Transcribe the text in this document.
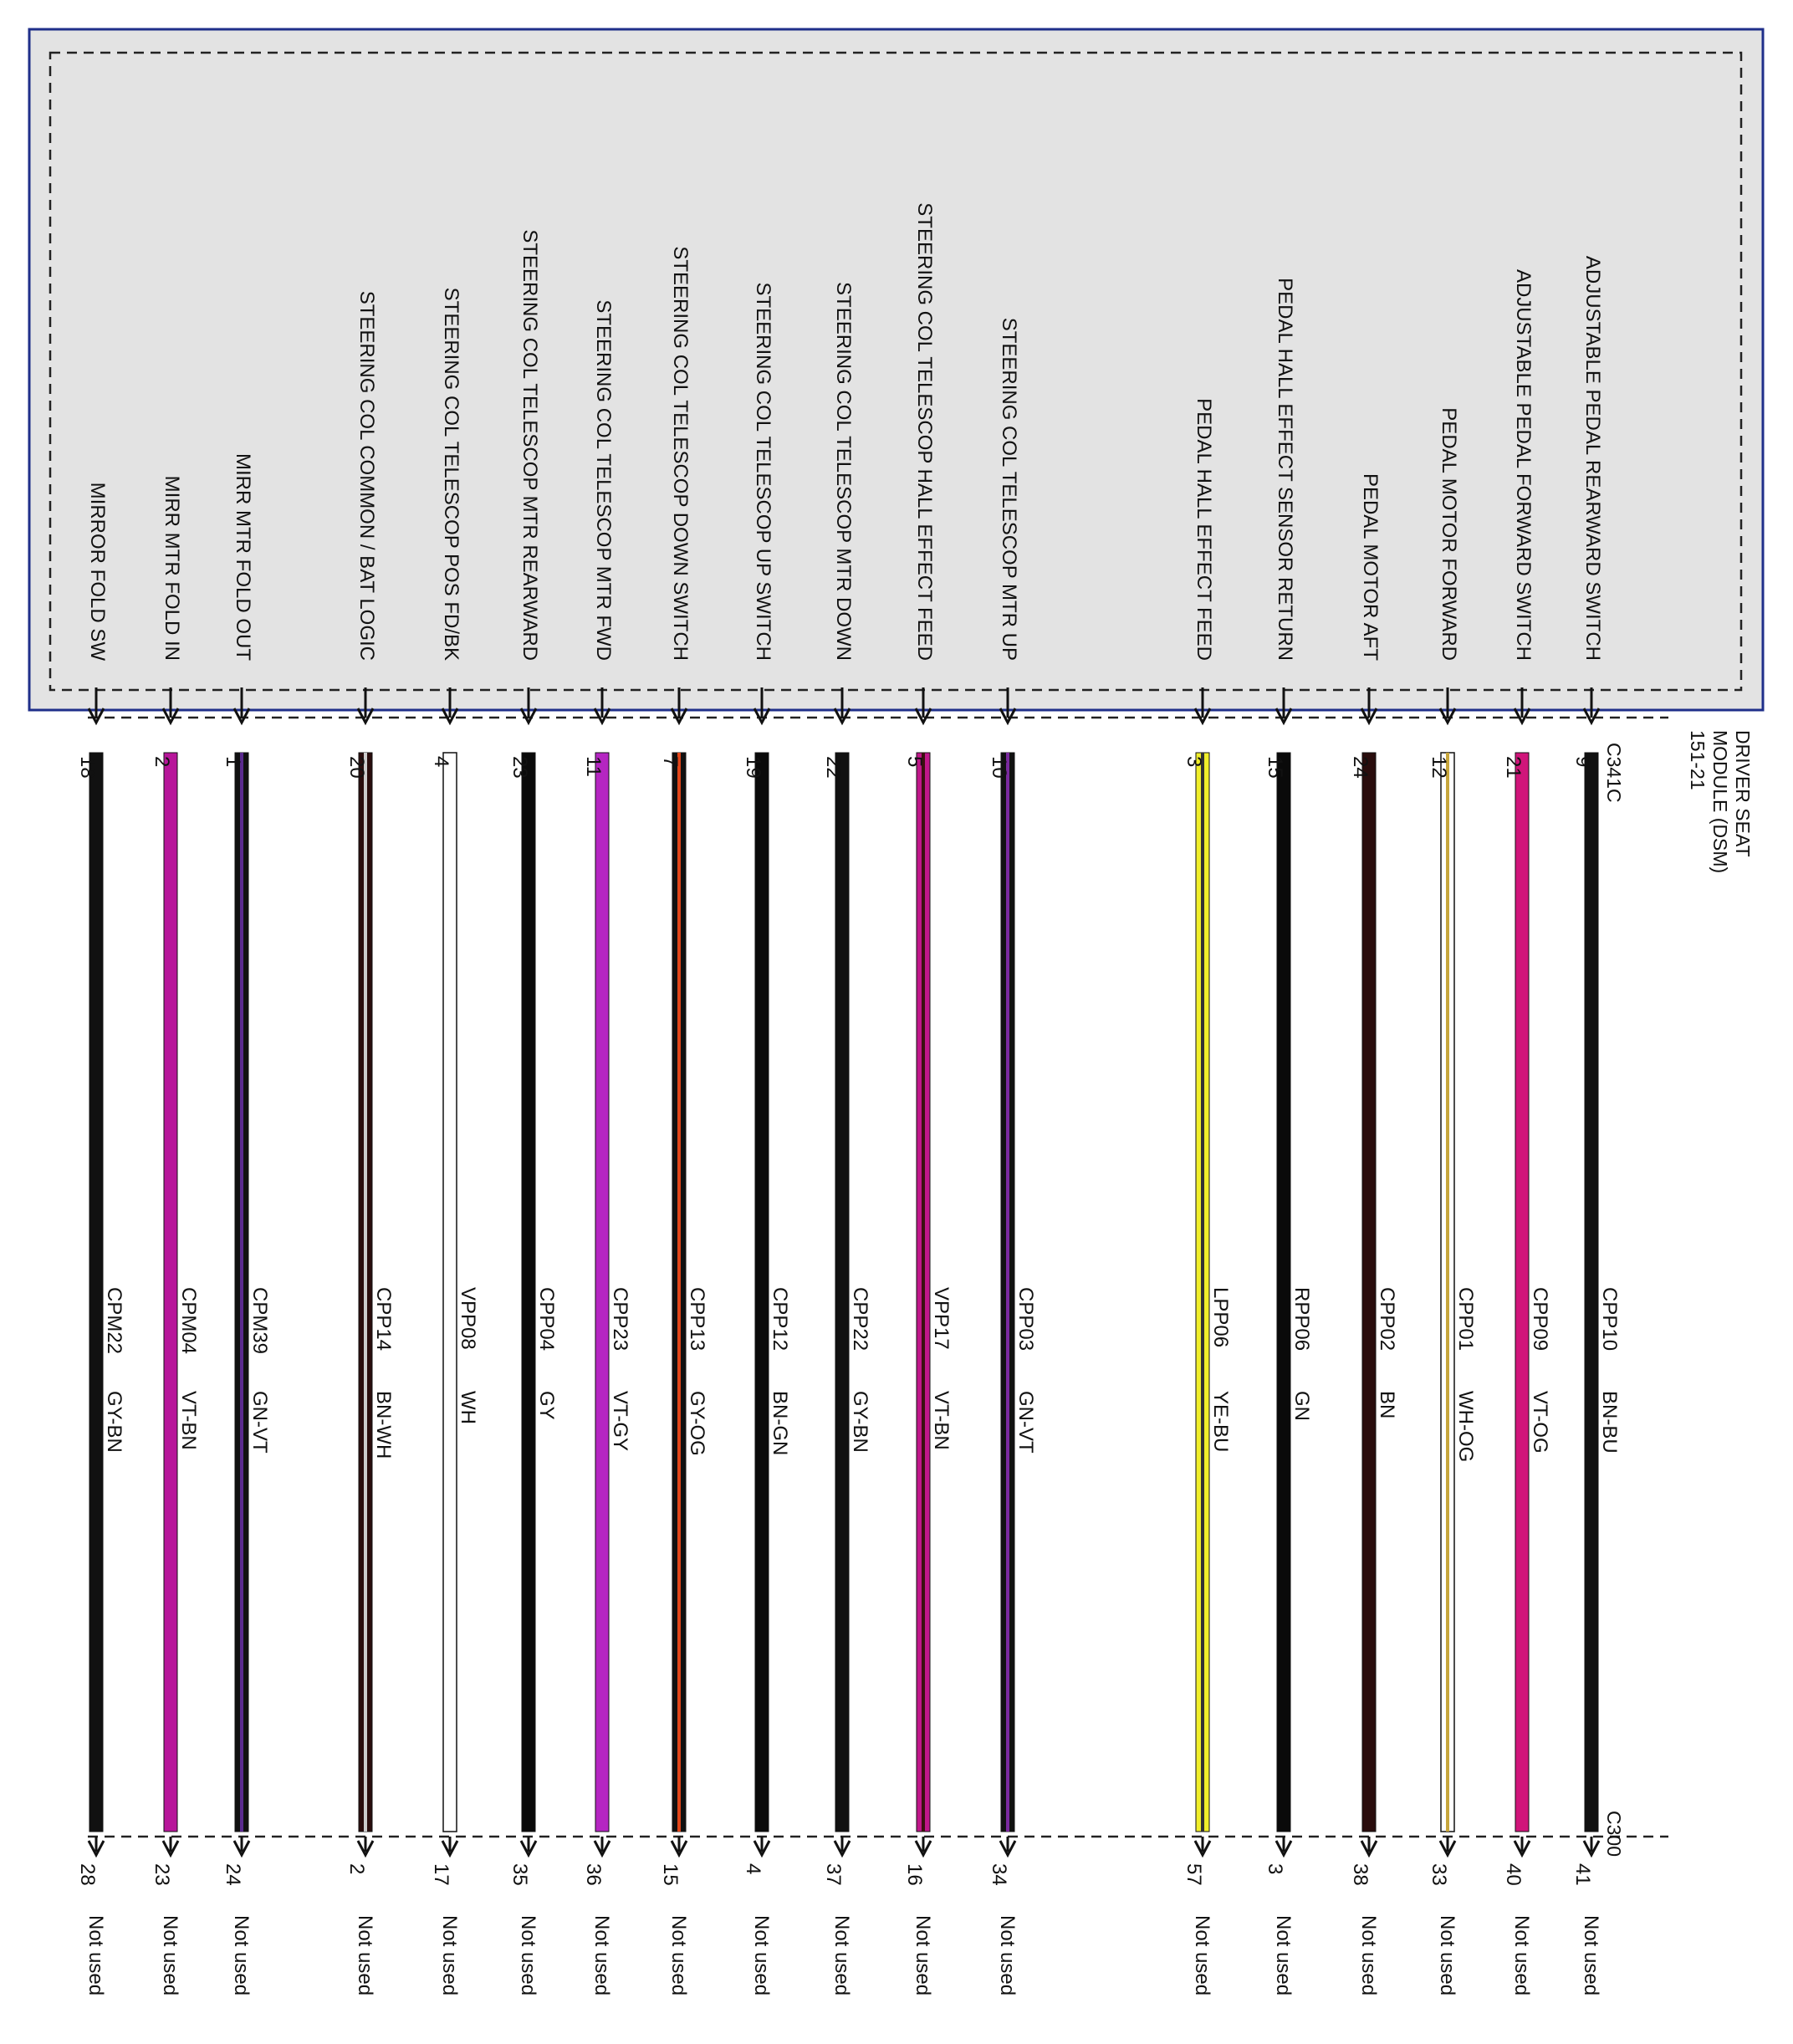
DRIVER SEAT MODULE (DSM) 151-21
C341C
C300
ADJUSTABLE PEDAL REARWARD SWITCH
9
41
CPP10
BN-BU
Not used
ADJUSTABLE PEDAL FORWARD SWITCH
21
40
CPP09
VT-OG
Not used
PEDAL MOTOR FORWARD
12
33
CPP01
WH-OG
Not used
PEDAL MOTOR AFT
24
38
CPP02
BN
Not used
PEDAL HALL EFFECT SENSOR RETURN
15
3
RPP06
GN
Not used
PEDAL HALL EFFECT FEED
3
57
LPP06
YE-BU
Not used
STEERING COL TELESCOP MTR UP
10
34
CPP03
GN-VT
Not used
STEERING COL TELESCOP HALL EFFECT FEED
5
16
VPP17
VT-BN
Not used
STEERING COL TELESCOP MTR DOWN
22
37
CPP22
GY-BN
Not used
STEERING COL TELESCOP UP SWITCH
19
4
CPP12
BN-GN
Not used
STEERING COL TELESCOP DOWN SWITCH
7
15
CPP13
GY-OG
Not used
STEERING COL TELESCOP MTR FWD
11
36
CPP23
VT-GY
Not used
STEERING COL TELESCOP MTR REARWARD
23
35
CPP04
GY
Not used
STEERING COL TELESCOP POS FD/BK
4
17
VPP08
WH
Not used
STEERING COL COMMON / BAT LOGIC
20
2
CPP14
BN-WH
Not used
MIRR MTR FOLD OUT
1
24
CPM39
GN-VT
Not used
MIRR MTR FOLD IN
2
23
CPM04
VT-BN
Not used
MIRROR FOLD SW
18
28
CPM22
GY-BN
Not used
